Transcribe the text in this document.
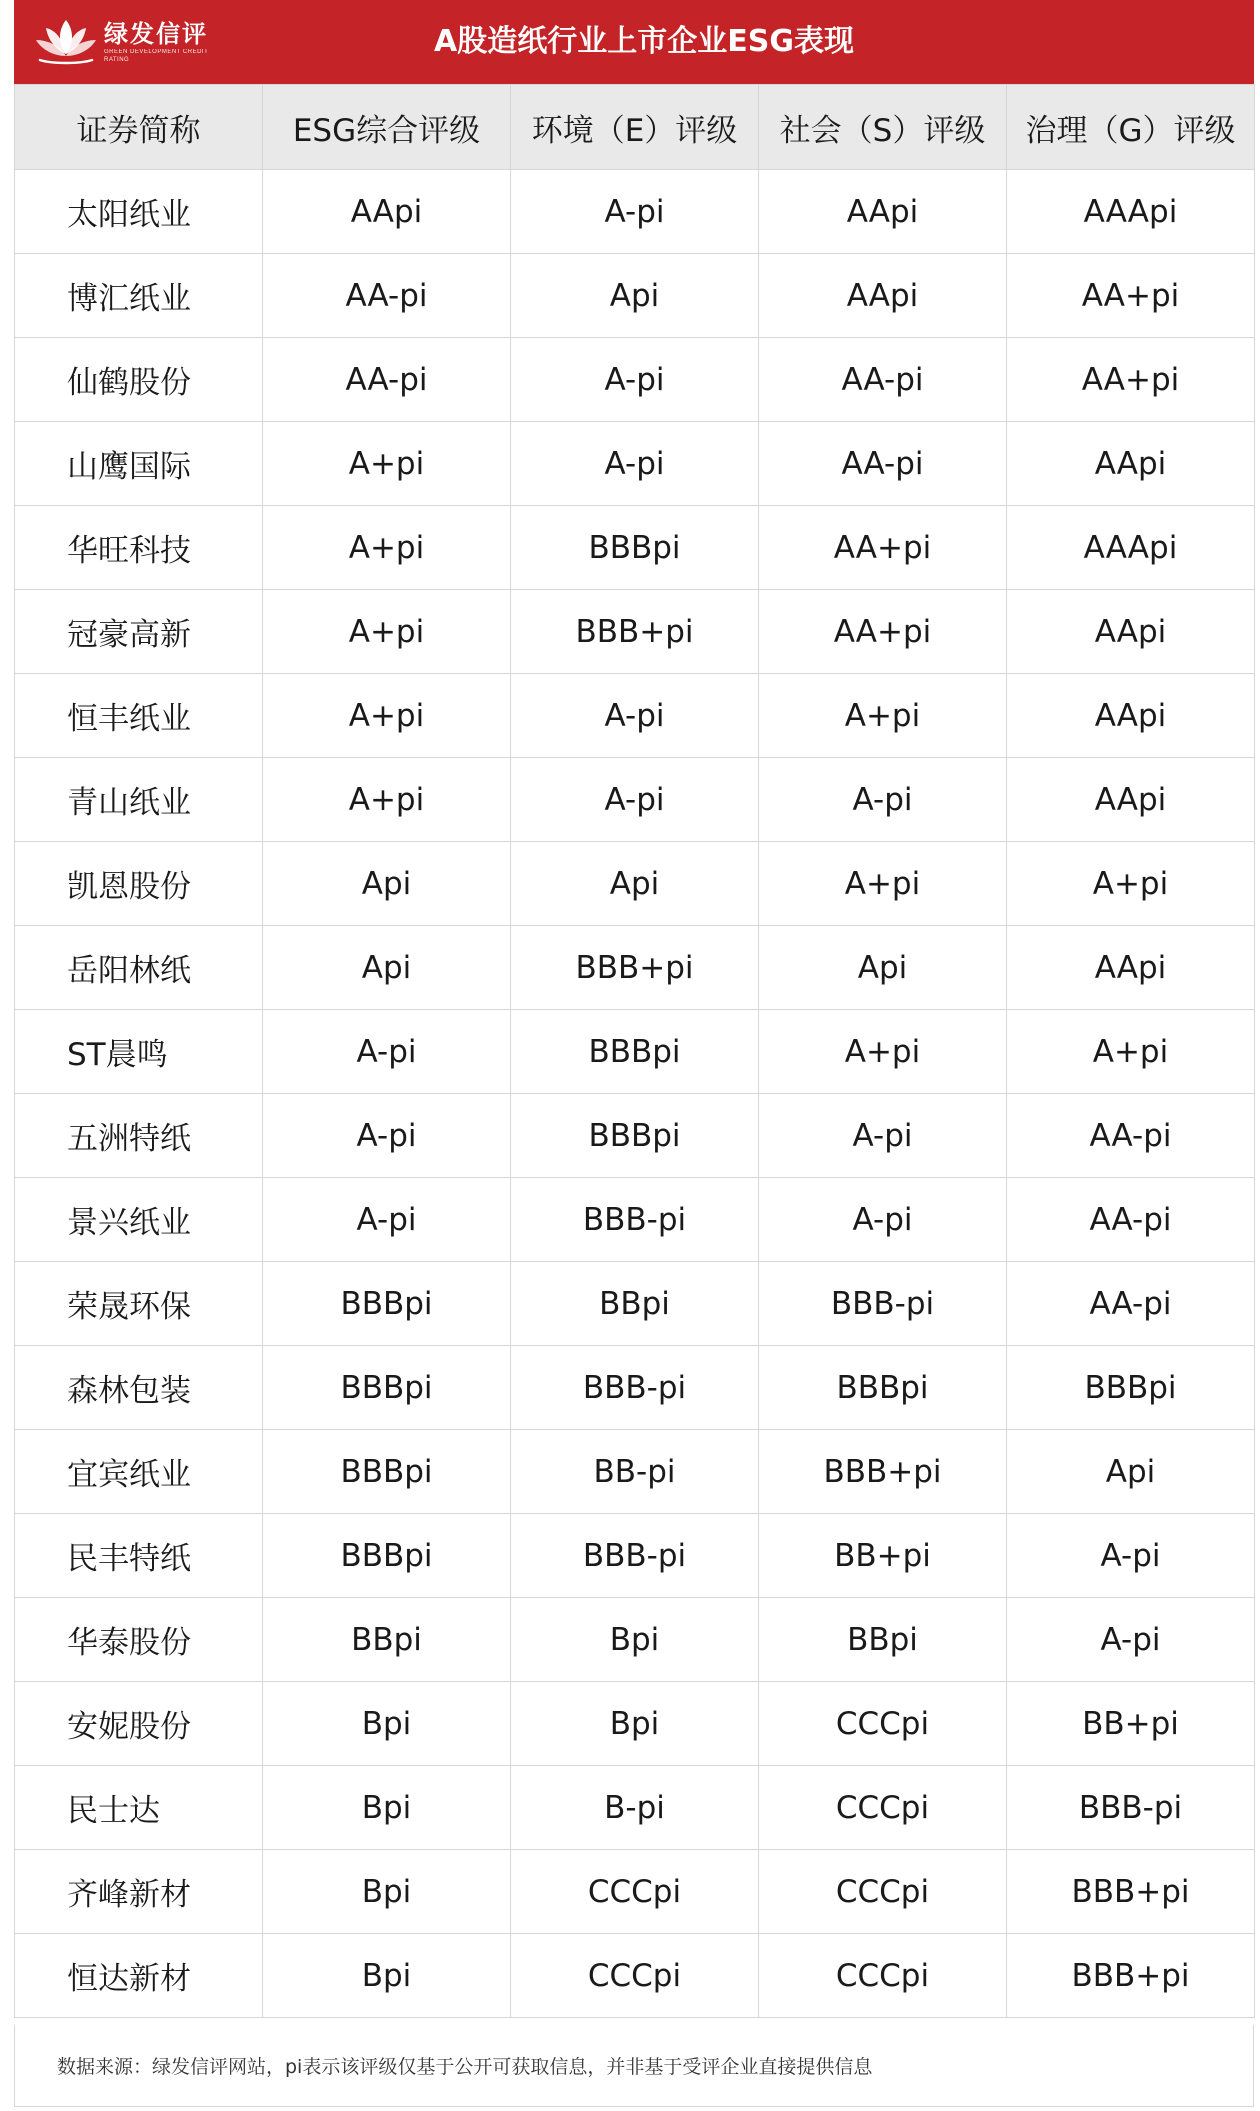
A股造纸行业上市企业ESG表现
绿发信评
GREEN DEVELOPMENT CREDIT RATING
证券简称	ESG综合评级	环境（E）评级	社会（S）评级	治理（G）评级
太阳纸业	AApi	A-pi	AApi	AAApi
博汇纸业	AA-pi	Api	AApi	AA+pi
仙鹤股份	AA-pi	A-pi	AA-pi	AA+pi
山鹰国际	A+pi	A-pi	AA-pi	AApi
华旺科技	A+pi	BBBpi	AA+pi	AAApi
冠豪高新	A+pi	BBB+pi	AA+pi	AApi
恒丰纸业	A+pi	A-pi	A+pi	AApi
青山纸业	A+pi	A-pi	A-pi	AApi
凯恩股份	Api	Api	A+pi	A+pi
岳阳林纸	Api	BBB+pi	Api	AApi
ST晨鸣	A-pi	BBBpi	A+pi	A+pi
五洲特纸	A-pi	BBBpi	A-pi	AA-pi
景兴纸业	A-pi	BBB-pi	A-pi	AA-pi
荣晟环保	BBBpi	BBpi	BBB-pi	AA-pi
森林包装	BBBpi	BBB-pi	BBBpi	BBBpi
宜宾纸业	BBBpi	BB-pi	BBB+pi	Api
民丰特纸	BBBpi	BBB-pi	BB+pi	A-pi
华泰股份	BBpi	Bpi	BBpi	A-pi
安妮股份	Bpi	Bpi	CCCpi	BB+pi
民士达	Bpi	B-pi	CCCpi	BBB-pi
齐峰新材	Bpi	CCCpi	CCCpi	BBB+pi
恒达新材	Bpi	CCCpi	CCCpi	BBB+pi
数据来源：绿发信评网站，pi表示该评级仅基于公开可获取信息，并非基于受评企业直接提供信息
